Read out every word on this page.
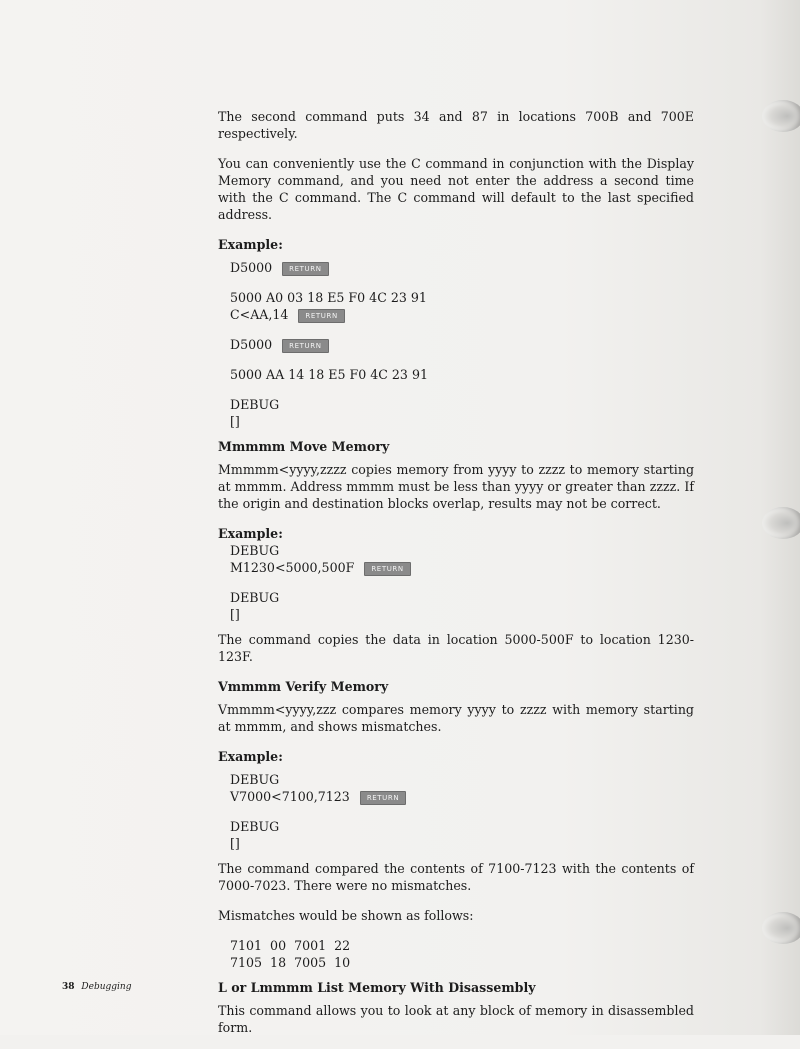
The second command puts 34 and 87 in locations 700B and 700E respectively.

You can conveniently use the C command in conjunction with the Display Memory command, and you need not enter the address a second time with the C command. The C command will default to the last specified address.

Example:
D5000 RETURN
5000 A0 03 18 E5 F0 4C 23 91
C<AA,14 RETURN
D5000 RETURN
5000 AA 14 18 E5 F0 4C 23 91
DEBUG
[]
Mmmmm Move Memory

Mmmmm<yyyy,zzzz copies memory from yyyy to zzzz to memory starting at mmmm. Address mmmm must be less than yyyy or greater than zzzz. If the origin and destination blocks overlap, results may not be correct.

Example:
DEBUG
M1230<5000,500F RETURN
DEBUG
[]

The command copies the data in location 5000-500F to location 1230-123F.

Vmmmm Verify Memory

Vmmmm<yyyy,zzz compares memory yyyy to zzzz with memory starting at mmmm, and shows mismatches.

Example:
DEBUG
V7000<7100,7123 RETURN
DEBUG
[]

The command compared the contents of 7100-7123 with the contents of 7000-7023. There were no mismatches.

Mismatches would be shown as follows:

7101  00  7001  22
7105  18  7005  10
L or Lmmmm List Memory With Disassembly

This command allows you to look at any block of memory in disassembled form.

38 Debugging
